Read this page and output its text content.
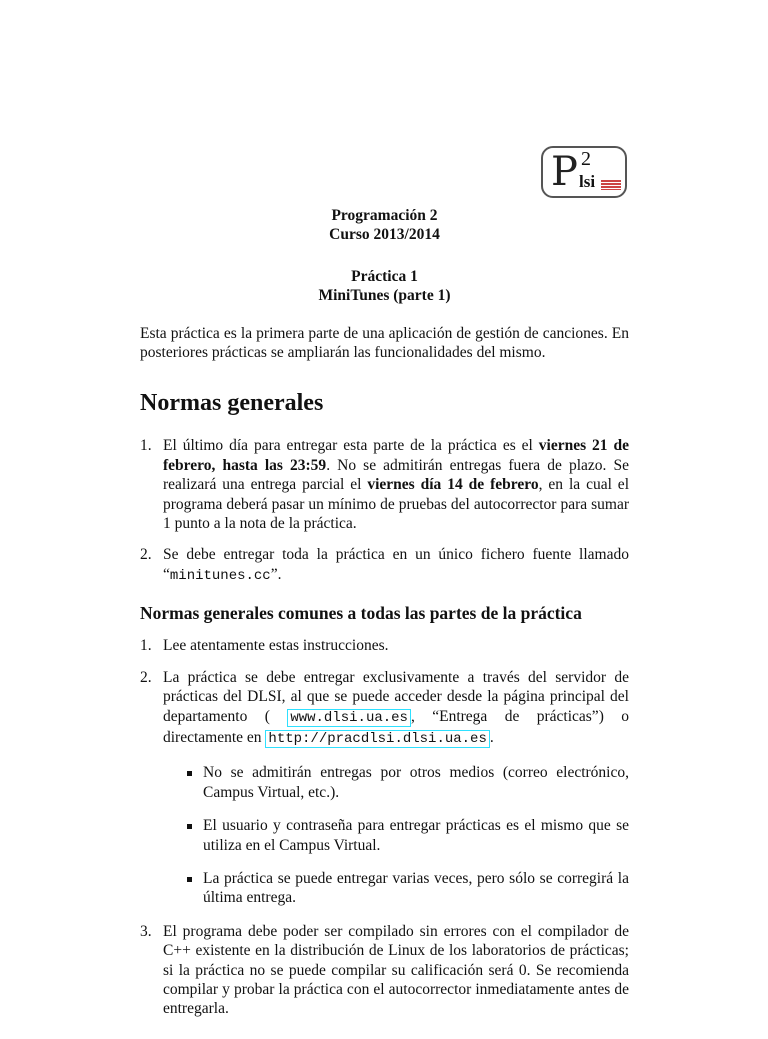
P 2
lsi
Programación 2
Curso 2013/2014
Práctica 1
MiniTunes (parte 1)

Esta práctica es la primera parte de una aplicación de gestión de canciones. En posteriores prácticas se ampliarán las funcionalidades del mismo.

Normas generales
1. El último día para entregar esta parte de la práctica es el viernes 21 de febrero, hasta las 23:59. No se admitirán entregas fuera de plazo. Se realizará una entrega parcial el viernes día 14 de febrero, en la cual el programa deberá pasar un mínimo de pruebas del autocorrector para sumar 1 punto a la nota de la práctica.

2. Se debe entregar toda la práctica en un único fichero fuente llamado “minitunes.cc”.

Normas generales comunes a todas las partes de la práctica
1. Lee atentamente estas instrucciones.

2. La práctica se debe entregar exclusivamente a través del servidor de prácticas del DLSI, al que se puede acceder desde la página principal del departamento ( www.dlsi.ua.es , “Entrega de prácticas”) o directamente en http://pracdlsi.dlsi.ua.es .

No se admitirán entregas por otros medios (correo electrónico, Campus Virtual, etc.).

El usuario y contraseña para entregar prácticas es el mismo que se utiliza en el Campus Virtual.

La práctica se puede entregar varias veces, pero sólo se corregirá la última entrega.

3. El programa debe poder ser compilado sin errores con el compilador de C++ existente en la distribución de Linux de los laboratorios de prácticas; si la práctica no se puede compilar su calificación será 0. Se recomienda compilar y probar la práctica con el autocorrector inmediatamente antes de entregarla.
